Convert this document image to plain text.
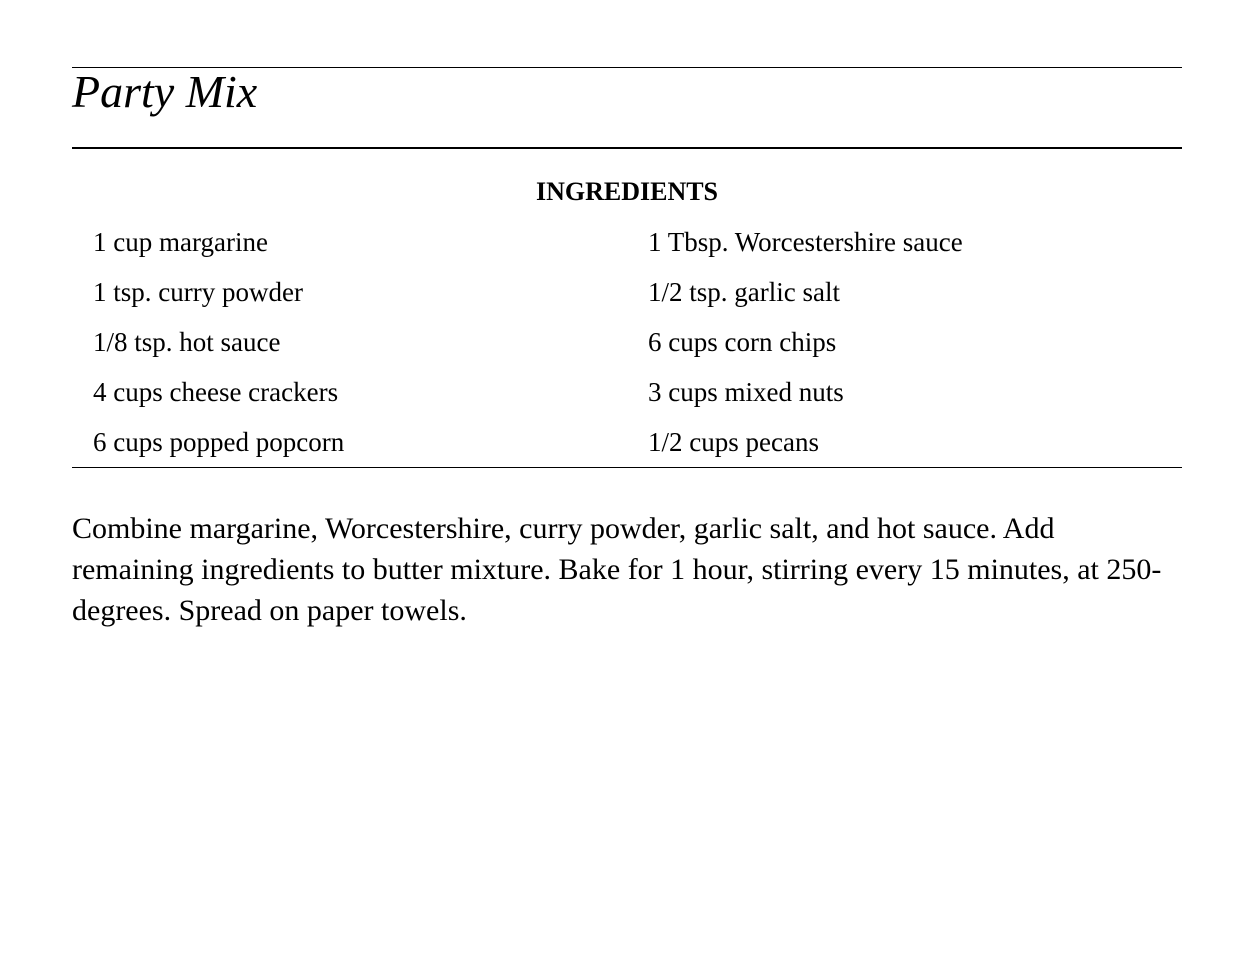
Party Mix
INGREDIENTS
1 cup margarine	1 Tbsp. Worcestershire sauce
1 tsp. curry powder	1/2 tsp. garlic salt
1/8 tsp. hot sauce	6 cups corn chips
4 cups cheese crackers	3 cups mixed nuts
6 cups popped popcorn	1/2 cups pecans

Combine margarine, Worcestershire, curry powder, garlic salt, and hot sauce. Add remaining ingredients to butter mixture. Bake for 1 hour, stirring every 15 minutes, at 250-degrees. Spread on paper towels.
